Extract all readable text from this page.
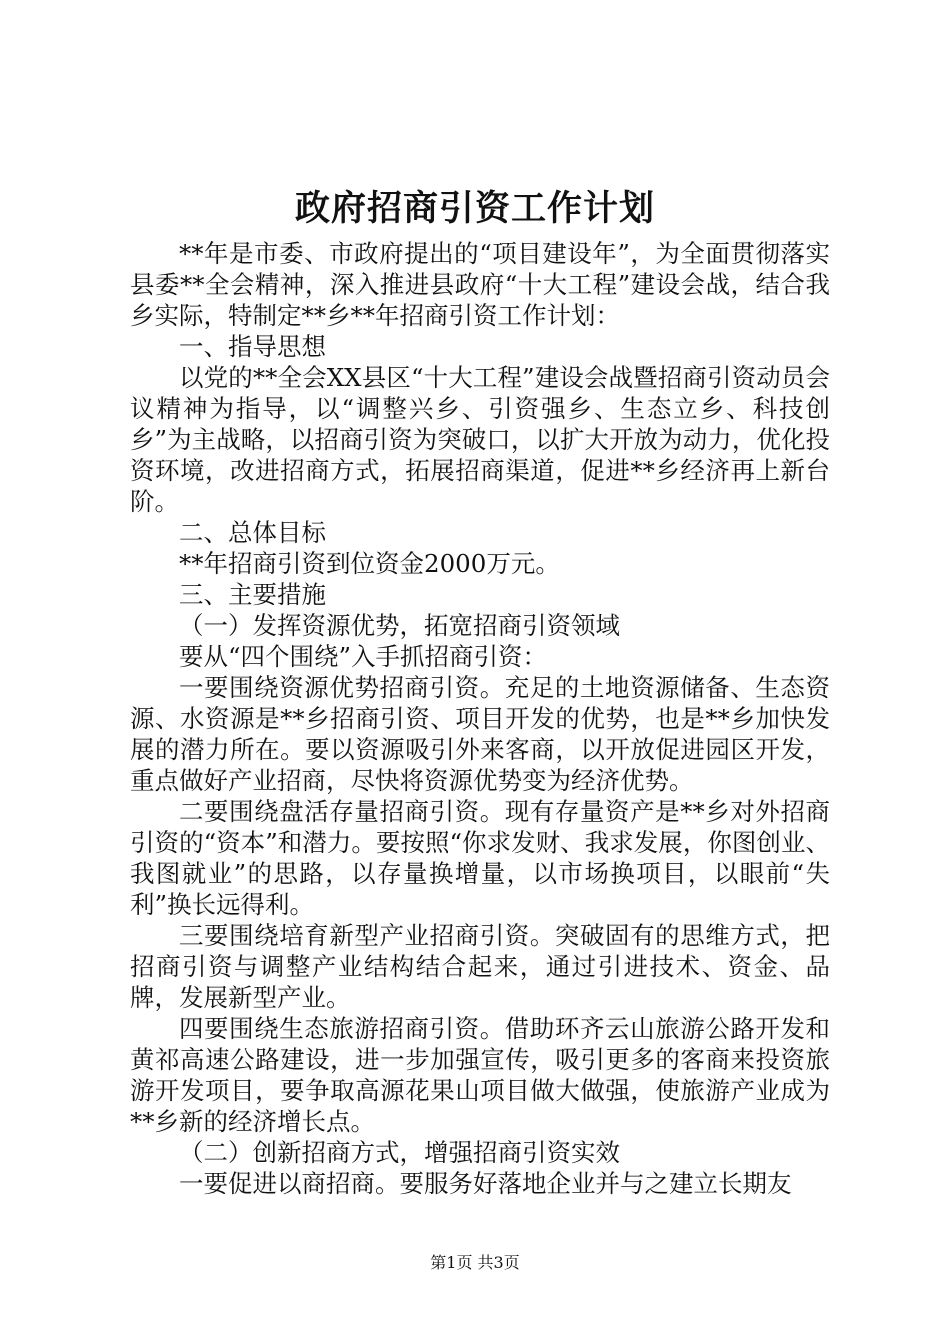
政府招商引资工作计划

**年是市委、市政府提出的“项目建设年”，为全面贯彻落实县委**全会精神，深入推进县政府“十大工程”建设会战，结合我乡实际，特制定**乡**年招商引资工作计划：

一、指导思想

以党的**全会XX县区“十大工程”建设会战暨招商引资动员会议精神为指导，以“调整兴乡、引资强乡、生态立乡、科技创乡”为主战略，以招商引资为突破口，以扩大开放为动力，优化投资环境，改进招商方式，拓展招商渠道，促进**乡经济再上新台阶。

二、总体目标

**年招商引资到位资金2000万元。

三、主要措施

（一）发挥资源优势，拓宽招商引资领域

要从“四个围绕”入手抓招商引资：

一要围绕资源优势招商引资。充足的土地资源储备、生态资源、水资源是**乡招商引资、项目开发的优势，也是**乡加快发展的潜力所在。要以资源吸引外来客商，以开放促进园区开发，重点做好产业招商，尽快将资源优势变为经济优势。

二要围绕盘活存量招商引资。现有存量资产是**乡对外招商引资的“资本”和潜力。要按照“你求发财、我求发展，你图创业、我图就业”的思路，以存量换增量，以市场换项目，以眼前“失利”换长远得利。

三要围绕培育新型产业招商引资。突破固有的思维方式，把招商引资与调整产业结构结合起来，通过引进技术、资金、品牌，发展新型产业。

四要围绕生态旅游招商引资。借助环齐云山旅游公路开发和黄祁高速公路建设，进一步加强宣传，吸引更多的客商来投资旅游开发项目，要争取高源花果山项目做大做强，使旅游产业成为**乡新的经济增长点。

（二）创新招商方式，增强招商引资实效

一要促进以商招商。要服务好落地企业并与之建立长期友

第1页 共3页
